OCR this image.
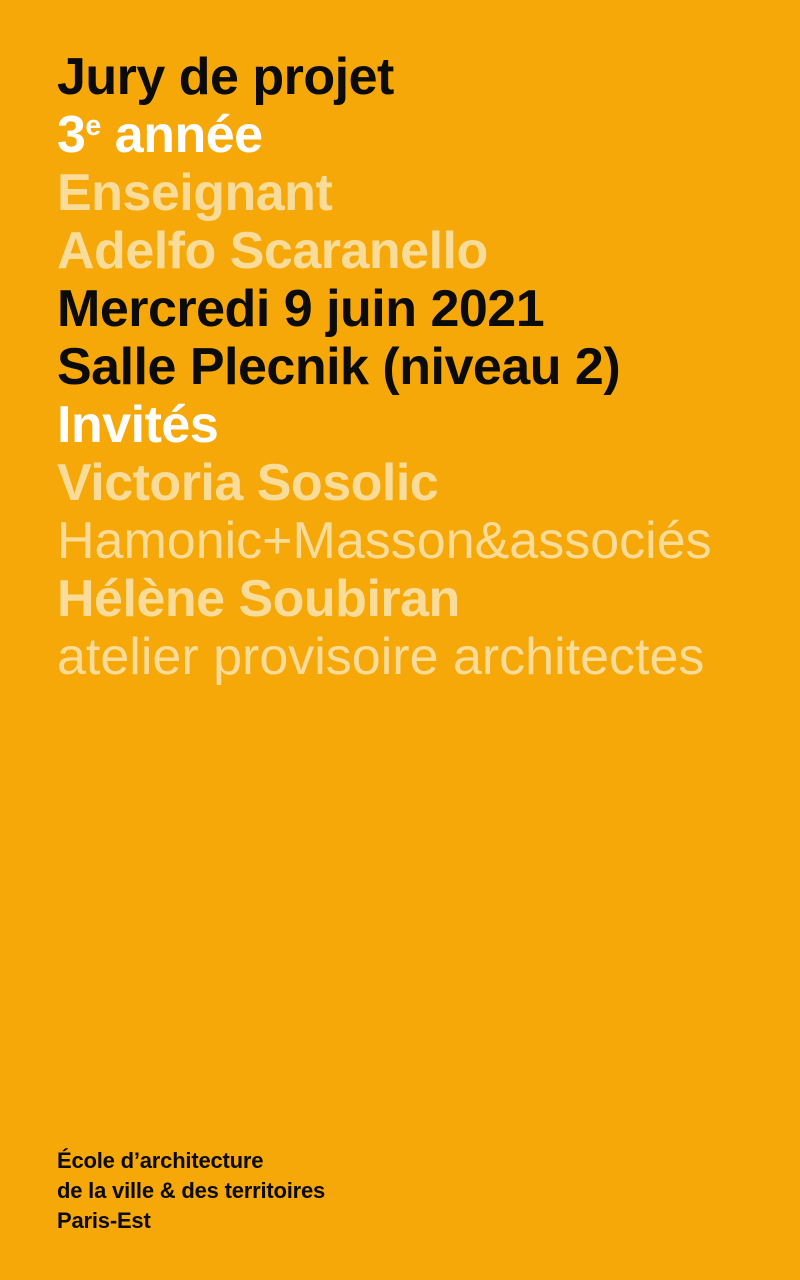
Jury de projet
3e année
Enseignant
Adelfo Scaranello
Mercredi 9 juin 2021
Salle Plecnik (niveau 2)
Invités
Victoria Sosolic
Hamonic+Masson&associés
Hélène Soubiran
atelier provisoire architectes
École d’architecture
de la ville & des territoires
Paris-Est
